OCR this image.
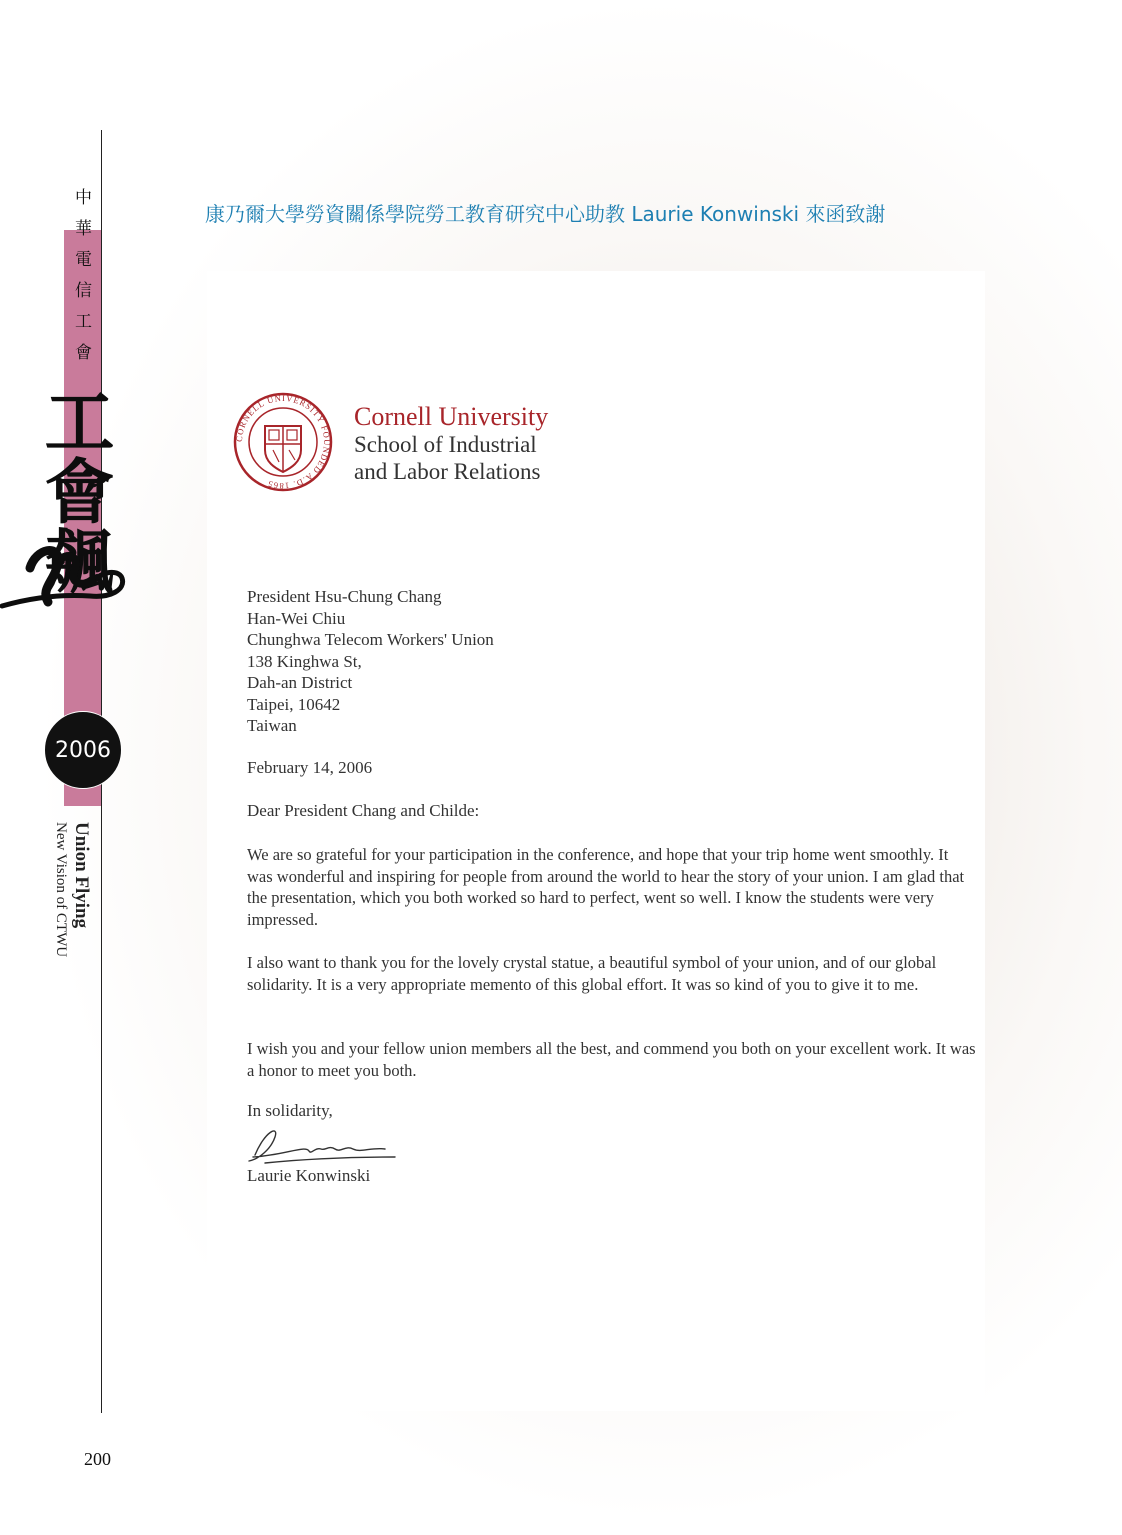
中華電信工會
工會飆
2006
Union Flying
New Vision of CTWU
康乃爾大學勞資關係學院勞工教育研究中心助教 Laurie Konwinski 來函致謝
200
CORNELL UNIVERSITY FOUNDED A.D. 1865
Cornell University
School of Industrial
and Labor Relations
President Hsu-Chung Chang
Han-Wei Chiu
Chunghwa Telecom Workers' Union
138 Kinghwa St,
Dah-an District
Taipei, 10642
Taiwan
February 14, 2006
Dear President Chang and Childe:
We are so grateful for your participation in the conference, and hope that your trip home went smoothly. It was wonderful and inspiring for people from around the world to hear the story of your union. I am glad that the presentation, which you both worked so hard to perfect, went so well. I know the students were very impressed.
I also want to thank you for the lovely crystal statue, a beautiful symbol of your union, and of our global solidarity. It is a very appropriate memento of this global effort. It was so kind of you to give it to me.
I wish you and your fellow union members all the best, and commend you both on your excellent work. It was a honor to meet you both.
In solidarity,
Laurie Konwinski
